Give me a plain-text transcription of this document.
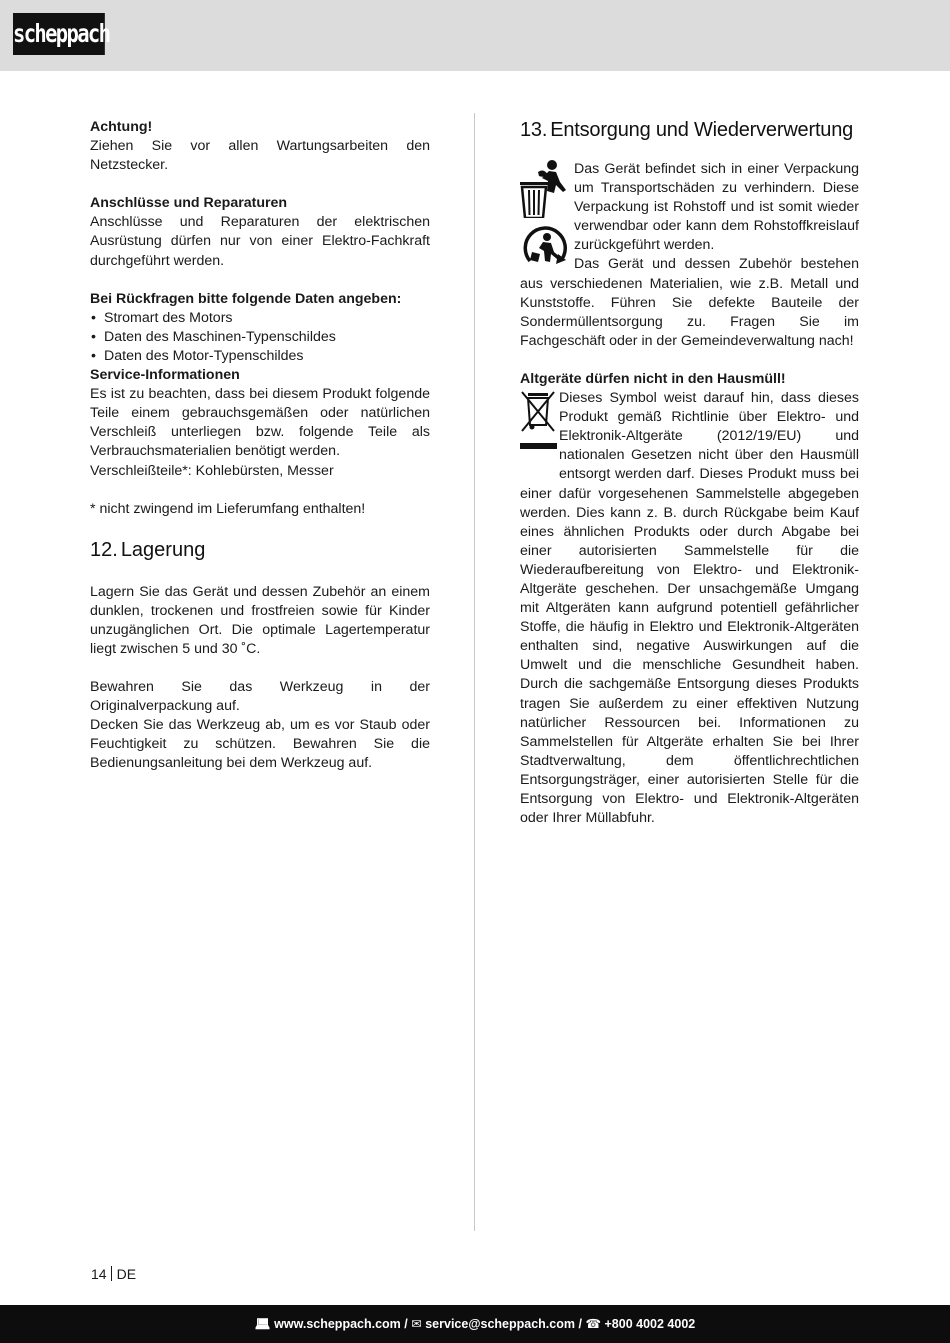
scheppach

Achtung!

Ziehen Sie vor allen Wartungsarbeiten den Netzstecker.

Anschlüsse und Reparaturen

Anschlüsse und Reparaturen der elektrischen Ausrüstung dürfen nur von einer Elektro-Fachkraft durchgeführt werden.

Bei Rückfragen bitte folgende Daten angeben:

• Stromart des Motors
• Daten des Maschinen-Typenschildes
• Daten des Motor-Typenschildes

Service-Informationen

Es ist zu beachten, dass bei diesem Produkt folgende Teile einem gebrauchsgemäßen oder natürlichen Verschleiß unterliegen bzw. folgende Teile als Verbrauchsmaterialien benötigt werden.

Verschleißteile*: Kohlebürsten, Messer

* nicht zwingend im Lieferumfang enthalten!

12. Lagerung

Lagern Sie das Gerät und dessen Zubehör an einem dunklen, trockenen und frostfreien sowie für Kinder unzugänglichen Ort. Die optimale Lagertemperatur liegt zwischen 5 und 30 ˚C.

Bewahren Sie das Werkzeug in der Originalverpackung auf.

Decken Sie das Werkzeug ab, um es vor Staub oder Feuchtigkeit zu schützen. Bewahren Sie die Bedienungsanleitung bei dem Werkzeug auf.

13. Entsorgung und Wiederverwertung

Das Gerät befindet sich in einer Verpackung um Transportschäden zu verhindern. Diese Verpackung ist Rohstoff und ist somit wieder verwendbar oder kann dem Rohstoffkreislauf zurückgeführt werden.

Das Gerät und dessen Zubehör bestehen aus verschiedenen Materialien, wie z.B. Metall und Kunststoffe. Führen Sie defekte Bauteile der Sondermüllentsorgung zu. Fragen Sie im Fachgeschäft oder in der Gemeindeverwaltung nach!

Altgeräte dürfen nicht in den Hausmüll!

Dieses Symbol weist darauf hin, dass dieses Produkt gemäß Richtlinie über Elektro- und Elektronik-Altgeräte (2012/19/EU) und nationalen Gesetzen nicht über den Hausmüll entsorgt werden darf. Dieses Produkt muss bei einer dafür vorgesehenen Sammelstelle abgegeben werden. Dies kann z. B. durch Rückgabe beim Kauf eines ähnlichen Produkts oder durch Abgabe bei einer autorisierten Sammelstelle für die Wiederaufbereitung von Elektro- und Elektronik-Altgeräte geschehen. Der unsachgemäße Umgang mit Altgeräten kann aufgrund potentiell gefährlicher Stoffe, die häufig in Elektro und Elektronik-Altgeräten enthalten sind, negative Auswirkungen auf die Umwelt und die menschliche Gesundheit haben. Durch die sachgemäße Entsorgung dieses Produkts tragen Sie außerdem zu einer effektiven Nutzung natürlicher Ressourcen bei. Informationen zu Sammelstellen für Altgeräte erhalten Sie bei Ihrer Stadtverwaltung, dem öffentlichrechtlichen Entsorgungsträger, einer autorisierten Stelle für die Entsorgung von Elektro- und Elektronik-Altgeräten oder Ihrer Müllabfuhr.

14 DE
💻︎ www.scheppach.com / ✉ service@scheppach.com / ☎ +800 4002 4002
